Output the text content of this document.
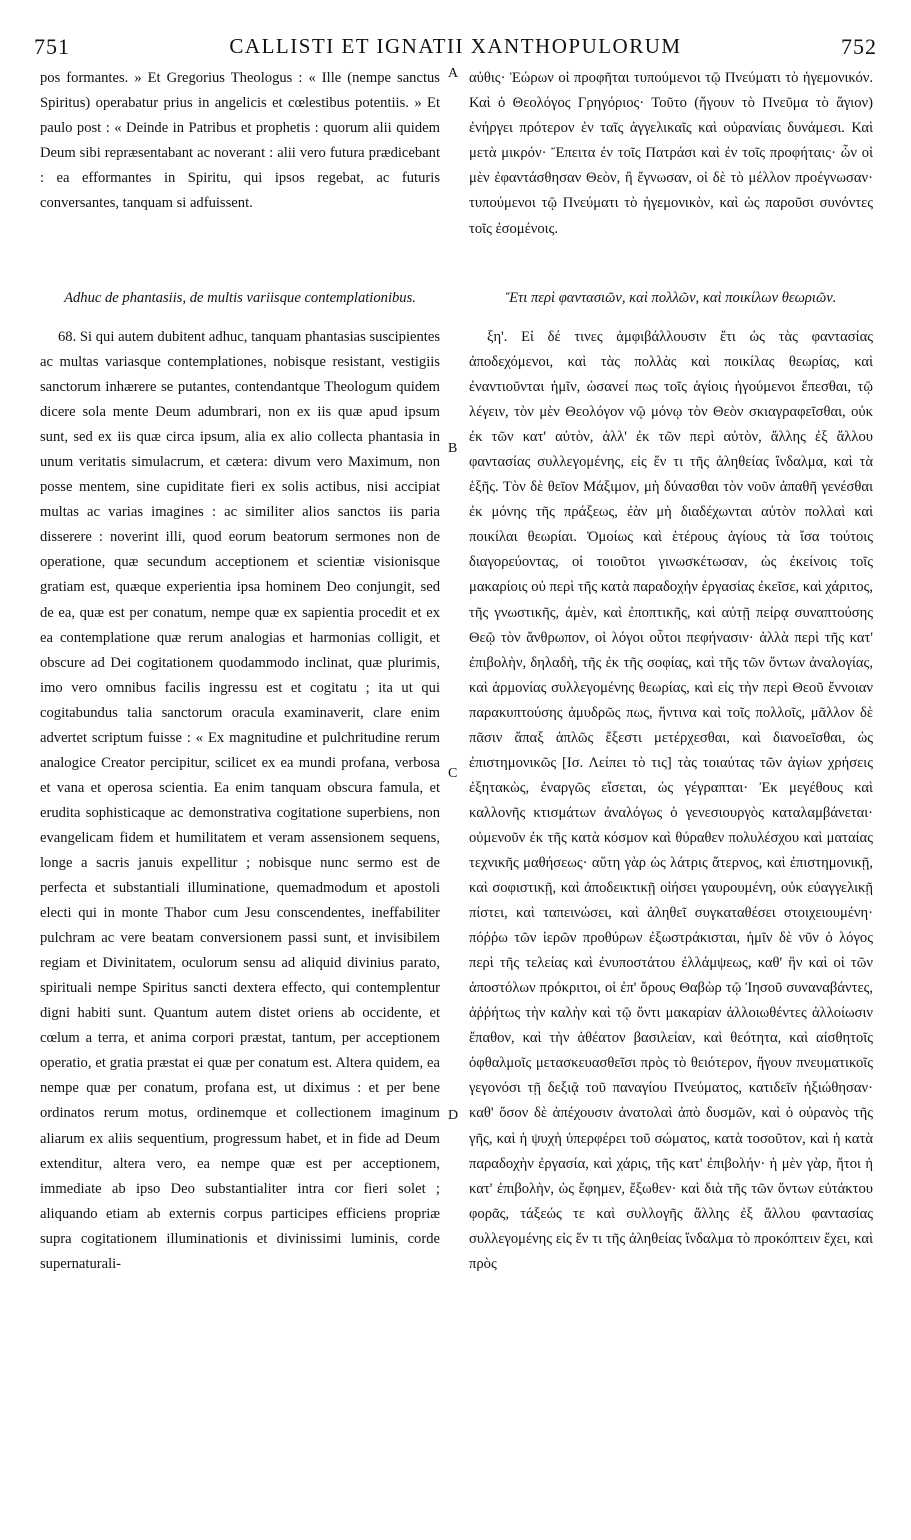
751	CALLISTI ET IGNATII XANTHOPULORUM	752

pos formantes. » Et Gregorius Theologus : « Ille (nempe sanctus Spiritus) operabatur prius in angelicis et cœlestibus potentiis. » Et paulo post : « Deinde in Patribus et prophetis : quorum alii quidem Deum sibi repræsentabant ac noverant : alii vero futura prædicebant : ea efformantes in Spiritu, qui ipsos regebat, ac futuris conversantes, tanquam si adfuissent.

αὐθις· Ἐώρων οἱ προφῆται τυπούμενοι τῷ Πνεύματι τὸ ἡγεμονικόν. Καὶ ὁ Θεολόγος Γρηγόριος· Τοῦτο (ἤγουν τὸ Πνεῦμα τὸ ἅγιον) ἐνήργει πρότερον ἐν ταῖς ἀγγελικαῖς καὶ οὐρανίαις δυνάμεσι. Καὶ μετὰ μικρόν· Ἔπειτα ἐν τοῖς Πατράσι καὶ ἐν τοῖς προφήταις· ὧν οἱ μὲν ἐφαντάσθησαν Θεὸν, ἢ ἔγνωσαν, οἱ δὲ τὸ μέλλον προέγνωσαν· τυπούμενοι τῷ Πνεύματι τὸ ἡγεμονικὸν, καὶ ὡς παροῦσι συνόντες τοῖς ἐσομένοις.

Adhuc de phantasiis, de multis variisque contemplationibus.	Ἔτι περὶ φαντασιῶν, καὶ πολλῶν, καὶ ποικίλων θεωριῶν.

68. Si qui autem dubitent adhuc, tanquam phantasias suscipientes ac multas variasque contemplationes, nobisque resistant, vestigiis sanctorum inhærere se putantes, contendantque Theologum quidem dicere sola mente Deum adumbrari, non ex iis quæ apud ipsum sunt, sed ex iis quæ circa ipsum, alia ex alio collecta phantasia in unum veritatis simulacrum, et cætera: divum vero Maximum, non posse mentem, sine cupiditate fieri ex solis actibus, nisi accipiat multas ac varias imagines : ac similiter alios sanctos iis paria disserere : noverint illi, quod eorum beatorum sermones non de operatione, quæ secundum acceptionem et scientiæ visionisque gratiam est, quæque experientia ipsa hominem Deo conjungit, sed de ea, quæ est per conatum, nempe quæ ex sapientia procedit et ex ea contemplatione quæ rerum analogias et harmonias colligit, et obscure ad Dei cogitationem quodammodo inclinat, quæ plurimis, imo vero omnibus facilis ingressu est et cogitatu ; ita ut qui cogitabundus talia sanctorum oracula examinaverit, clare enim advertet scriptum fuisse : « Ex magnitudine et pulchritudine rerum analogice Creator percipitur, scilicet ex ea mundi profana, verbosa et vana et operosa scientia. Ea enim tanquam obscura famula, et erudita sophisticaque ac demonstrativa cogitatione superbiens, non evangelicam fidem et humilitatem et veram assensionem sequens, longe a sacris januis expellitur ; nobisque nunc sermo est de perfecta et substantiali illuminatione, quemadmodum et apostoli electi qui in monte Thabor cum Jesu conscendentes, ineffabiliter pulchram ac vere beatam conversionem passi sunt, et invisibilem regiam et Divinitatem, oculorum sensu ad aliquid divinius parato, spirituali nempe Spiritus sancti dextera effecto, qui contemplentur digni habiti sunt. Quantum autem distet oriens ab occidente, et cœlum a terra, et anima corpori præstat, tantum, per acceptionem operatio, et gratia præstat ei quæ per conatum est. Altera quidem, ea nempe quæ per conatum, profana est, ut diximus : et per bene ordinatos rerum motus, ordinemque et collectionem imaginum aliarum ex aliis sequentium, progressum habet, et in fide ad Deum extenditur, altera vero, ea nempe quæ est per acceptionem, immediate ab ipso Deo substantialiter intra cor fieri solet ; aliquando etiam ab externis corpus participes efficiens propriæ supra cogitationem illuminationis et divinissimi luminis, corde supernaturali-

ξη'. Εἰ δέ τινες ἀμφιβάλλουσιν ἔτι ὡς τὰς φαντασίας ἀποδεχόμενοι, καὶ τὰς πολλὰς καὶ ποικίλας θεωρίας, καὶ ἐναντιοῦνται ἡμῖν, ὡσανεί πως τοῖς ἁγίοις ἡγούμενοι ἕπεσθαι, τῷ λέγειν, τὸν μὲν Θεολόγον νῷ μόνῳ τὸν Θεὸν σκιαγραφεῖσθαι, οὐκ ἐκ τῶν κατ' αὐτὸν, ἀλλ' ἐκ τῶν περὶ αὐτὸν, ἄλλης ἐξ ἄλλου φαντασίας συλλεγομένης, εἰς ἕν τι τῆς ἀληθείας ἴνδαλμα, καὶ τὰ ἑξῆς. Τὸν δὲ θεῖον Μάξιμον, μὴ δύνασθαι τὸν νοῦν ἀπαθῆ γενέσθαι ἐκ μόνης τῆς πράξεως, ἐὰν μὴ διαδέχωνται αὐτὸν πολλαὶ καὶ ποικίλαι θεωρίαι. Ὁμοίως καὶ ἑτέρους ἁγίους τὰ ἴσα τούτοις διαγορεύοντας, οἱ τοιοῦτοι γινωσκέτωσαν, ὡς ἐκείνοις τοῖς μακαρίοις οὐ περὶ τῆς κατὰ παραδοχὴν ἐργασίας ἐκεῖσε, καὶ χάριτος, τῆς γνωστικῆς, ἀμὲν, καὶ ἐποπτικῆς, καὶ αὐτῇ πείρᾳ συναπτούσης Θεῷ τὸν ἄνθρωπον, οἱ λόγοι οὗτοι πεφήνασιν· ἀλλὰ περὶ τῆς κατ' ἐπιβολὴν, δηλαδὴ, τῆς ἐκ τῆς σοφίας, καὶ τῆς τῶν ὄντων ἀναλογίας, καὶ ἁρμονίας συλλεγομένης θεωρίας, καὶ εἰς τὴν περὶ Θεοῦ ἔννοιαν παρακυπτούσης ἀμυδρῶς πως, ἥντινα καὶ τοῖς πολλοῖς, μᾶλλον δὲ πᾶσιν ἅπαξ ἁπλῶς ἔξεστι μετέρχεσθαι, καὶ διανοεῖσθαι, ὡς ἐπιστημονικῶς [Ισ. Λείπει τὸ τις] τὰς τοιαύτας τῶν ἁγίων χρήσεις ἐξητακὼς, ἐναργῶς εἴσεται, ὡς γέγραπται· Ἐκ μεγέθους καὶ καλλονῆς κτισμάτων ἀναλόγως ὁ γενεσιουργὸς καταλαμβάνεται· οὐμενοῦν ἐκ τῆς κατὰ κόσμον καὶ θύραθεν πολυλέσχου καὶ ματαίας τεχνικῆς μαθήσεως· αὕτη γὰρ ὡς λάτρις ἄτερνος, καὶ ἐπιστημονικῇ, καὶ σοφιστικῇ, καὶ ἀποδεικτικῇ οἰήσει γαυρουμένη, οὐκ εὐαγγελικῇ πίστει, καὶ ταπεινώσει, καὶ ἀληθεῖ συγκαταθέσει στοιχειουμένη· πόῤῥω τῶν ἱερῶν προθύρων ἐξωστράκισται, ἡμῖν δὲ νῦν ὁ λόγος περὶ τῆς τελείας καὶ ἐνυποστάτου ἐλλάμψεως, καθ' ἣν καὶ οἱ τῶν ἀποστόλων πρόκριτοι, οἱ ἐπ' ὄρους Θαβὼρ τῷ Ἰησοῦ συναναβάντες, ἀῤῥήτως τὴν καλὴν καὶ τῷ ὄντι μακαρίαν ἀλλοιωθέντες ἀλλοίωσιν ἔπαθον, καὶ τὴν ἀθέατον βασιλείαν, καὶ θεότητα, καὶ αἰσθητοῖς ὀφθαλμοῖς μετασκευασθεῖσι πρὸς τὸ θειότερον, ἤγουν πνευματικοῖς γεγονόσι τῇ δεξιᾷ τοῦ παναγίου Πνεύματος, κατιδεῖν ἠξιώθησαν· καθ' ὅσον δὲ ἀπέχουσιν ἀνατολαὶ ἀπὸ δυσμῶν, καὶ ὁ οὐρανὸς τῆς γῆς, καὶ ἡ ψυχὴ ὑπερφέρει τοῦ σώματος, κατὰ τοσοῦτον, καὶ ἡ κατὰ παραδοχὴν ἐργασία, καὶ χάρις, τῆς κατ' ἐπιβολήν· ἡ μὲν γὰρ, ἤτοι ἡ κατ' ἐπιβολὴν, ὡς ἔφημεν, ἔξωθεν· καὶ διὰ τῆς τῶν ὄντων εὐτάκτου φορᾶς, τάξεώς τε καὶ συλλογῆς ἄλλης ἐξ ἄλλου φαντασίας συλλεγομένης εἰς ἕν τι τῆς ἀληθείας ἴνδαλμα τὸ προκόπτειν ἔχει, καὶ πρὸς

A
B
C
D
